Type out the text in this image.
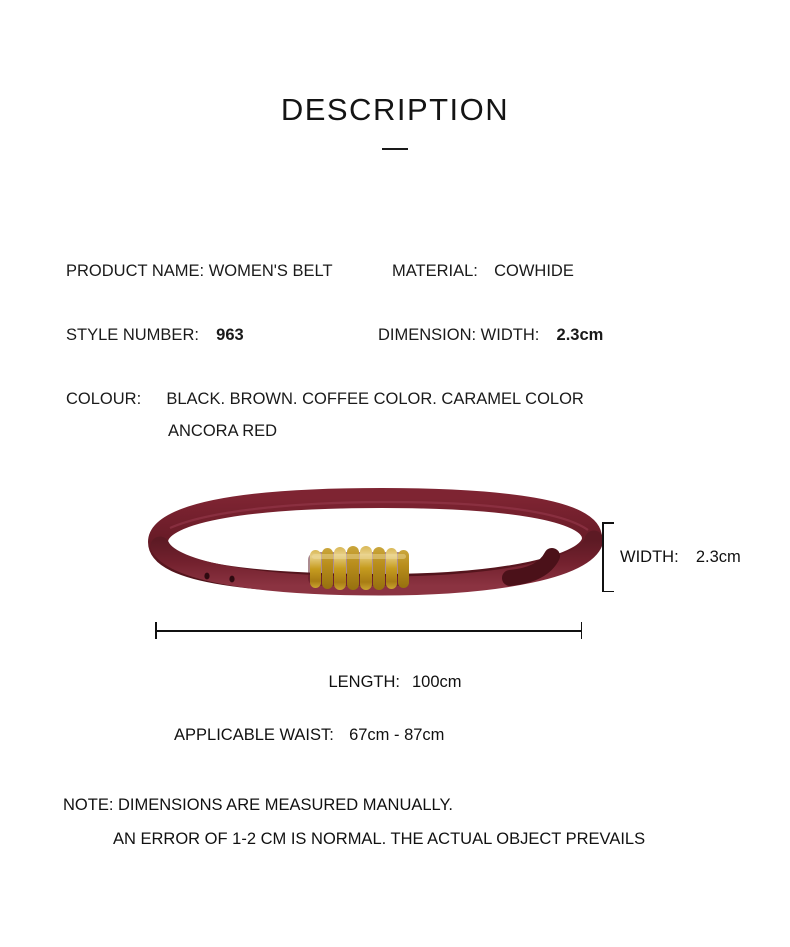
DESCRIPTION
PRODUCT NAME: WOMEN'S BELT	MATERIAL: COWHIDE
STYLE NUMBER: 963	DIMENSION: WIDTH: 2.3cm
COLOUR: BLACK. BROWN. COFFEE COLOR. CARAMEL COLOR
ANCORA RED
WIDTH: 2.3cm
LENGTH: 100cm
APPLICABLE WAIST: 67cm - 87cm
NOTE: DIMENSIONS ARE MEASURED MANUALLY.
AN ERROR OF 1-2 CM IS NORMAL. THE ACTUAL OBJECT PREVAILS
